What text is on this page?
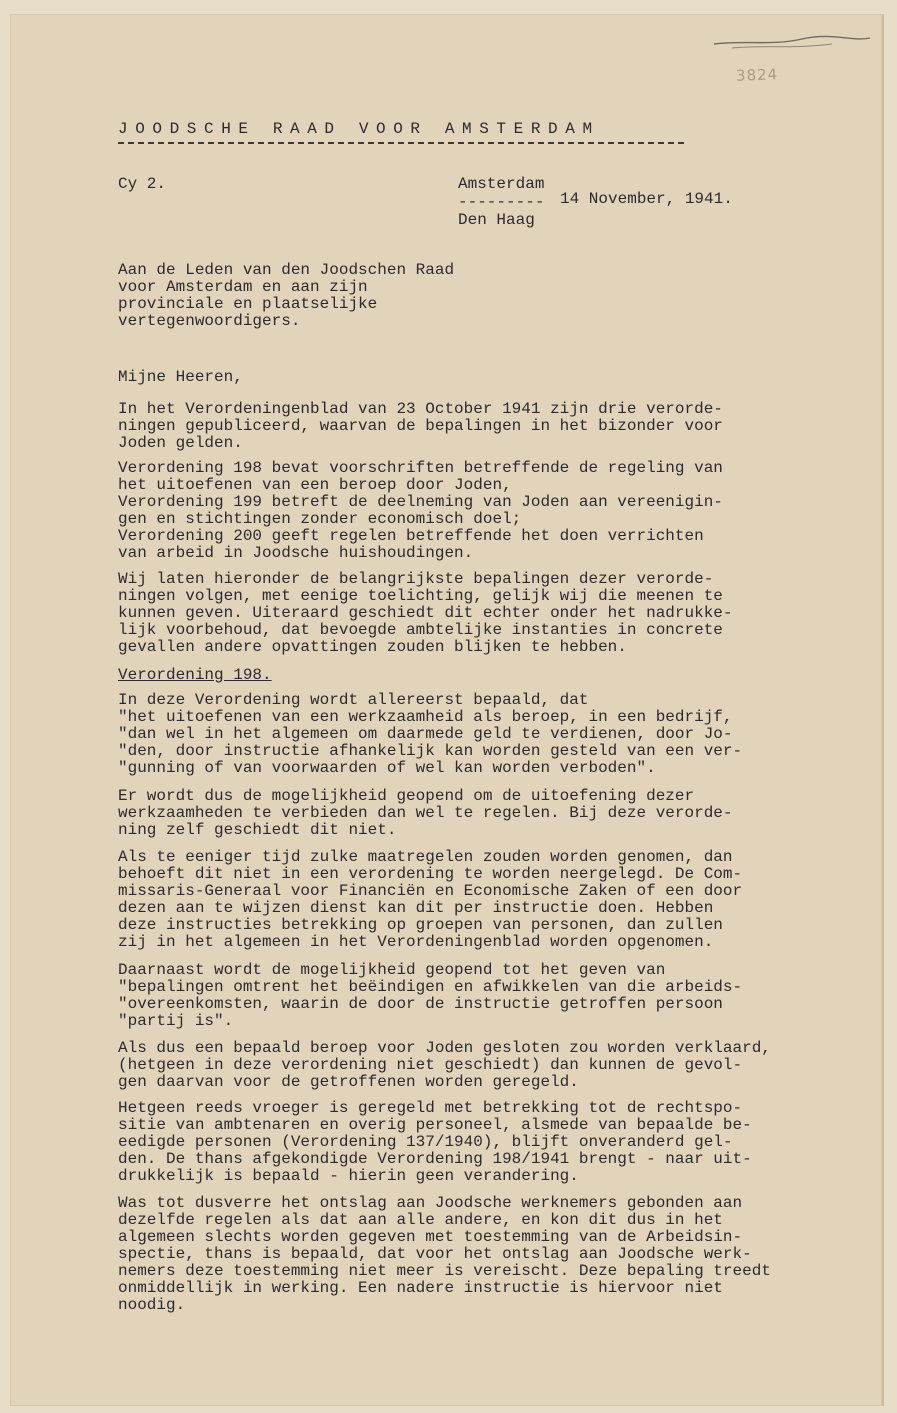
3824
JOODSCHE RAAD VOOR AMSTERDAM
Cy 2.	Amsterdam
---------
Den Haag
14 November, 1941.
Aan de Leden van den Joodschen Raad
voor Amsterdam en aan zijn
provinciale en plaatselijke
vertegenwoordigers.
Mijne Heeren,
In het Verordeningenblad van 23 October 1941 zijn drie verorde-
ningen gepubliceerd, waarvan de bepalingen in het bizonder voor
Joden gelden.
Verordening 198 bevat voorschriften betreffende de regeling van
het uitoefenen van een beroep door Joden,
Verordening 199 betreft de deelneming van Joden aan vereenigin-
gen en stichtingen zonder economisch doel;
Verordening 200 geeft regelen betreffende het doen verrichten
van arbeid in Joodsche huishoudingen.
Wij laten hieronder de belangrijkste bepalingen dezer verorde-
ningen volgen, met eenige toelichting, gelijk wij die meenen te
kunnen geven. Uiteraard geschiedt dit echter onder het nadrukke-
lijk voorbehoud, dat bevoegde ambtelijke instanties in concrete
gevallen andere opvattingen zouden blijken te hebben.
Verordening 198.
In deze Verordening wordt allereerst bepaald, dat
"het uitoefenen van een werkzaamheid als beroep, in een bedrijf,
"dan wel in het algemeen om daarmede geld te verdienen, door Jo-
"den, door instructie afhankelijk kan worden gesteld van een ver-
"gunning of van voorwaarden of wel kan worden verboden".
Er wordt dus de mogelijkheid geopend om de uitoefening dezer
werkzaamheden te verbieden dan wel te regelen. Bij deze verorde-
ning zelf geschiedt dit niet.
Als te eeniger tijd zulke maatregelen zouden worden genomen, dan
behoeft dit niet in een verordening te worden neergelegd. De Com-
missaris-Generaal voor Financiën en Economische Zaken of een door
dezen aan te wijzen dienst kan dit per instructie doen. Hebben
deze instructies betrekking op groepen van personen, dan zullen
zij in het algemeen in het Verordeningenblad worden opgenomen.
Daarnaast wordt de mogelijkheid geopend tot het geven van
"bepalingen omtrent het beëindigen en afwikkelen van die arbeids-
"overeenkomsten, waarin de door de instructie getroffen persoon
"partij is".
Als dus een bepaald beroep voor Joden gesloten zou worden verklaard,
(hetgeen in deze verordening niet geschiedt) dan kunnen de gevol-
gen daarvan voor de getroffenen worden geregeld.
Hetgeen reeds vroeger is geregeld met betrekking tot de rechtspo-
sitie van ambtenaren en overig personeel, alsmede van bepaalde be-
eedigde personen (Verordening 137/1940), blijft onveranderd gel-
den. De thans afgekondigde Verordening 198/1941 brengt - naar uit-
drukkelijk is bepaald - hierin geen verandering.
Was tot dusverre het ontslag aan Joodsche werknemers gebonden aan
dezelfde regelen als dat aan alle andere, en kon dit dus in het
algemeen slechts worden gegeven met toestemming van de Arbeidsin-
spectie, thans is bepaald, dat voor het ontslag aan Joodsche werk-
nemers deze toestemming niet meer is vereischt. Deze bepaling treedt
onmiddellijk in werking. Een nadere instructie is hiervoor niet
noodig.
